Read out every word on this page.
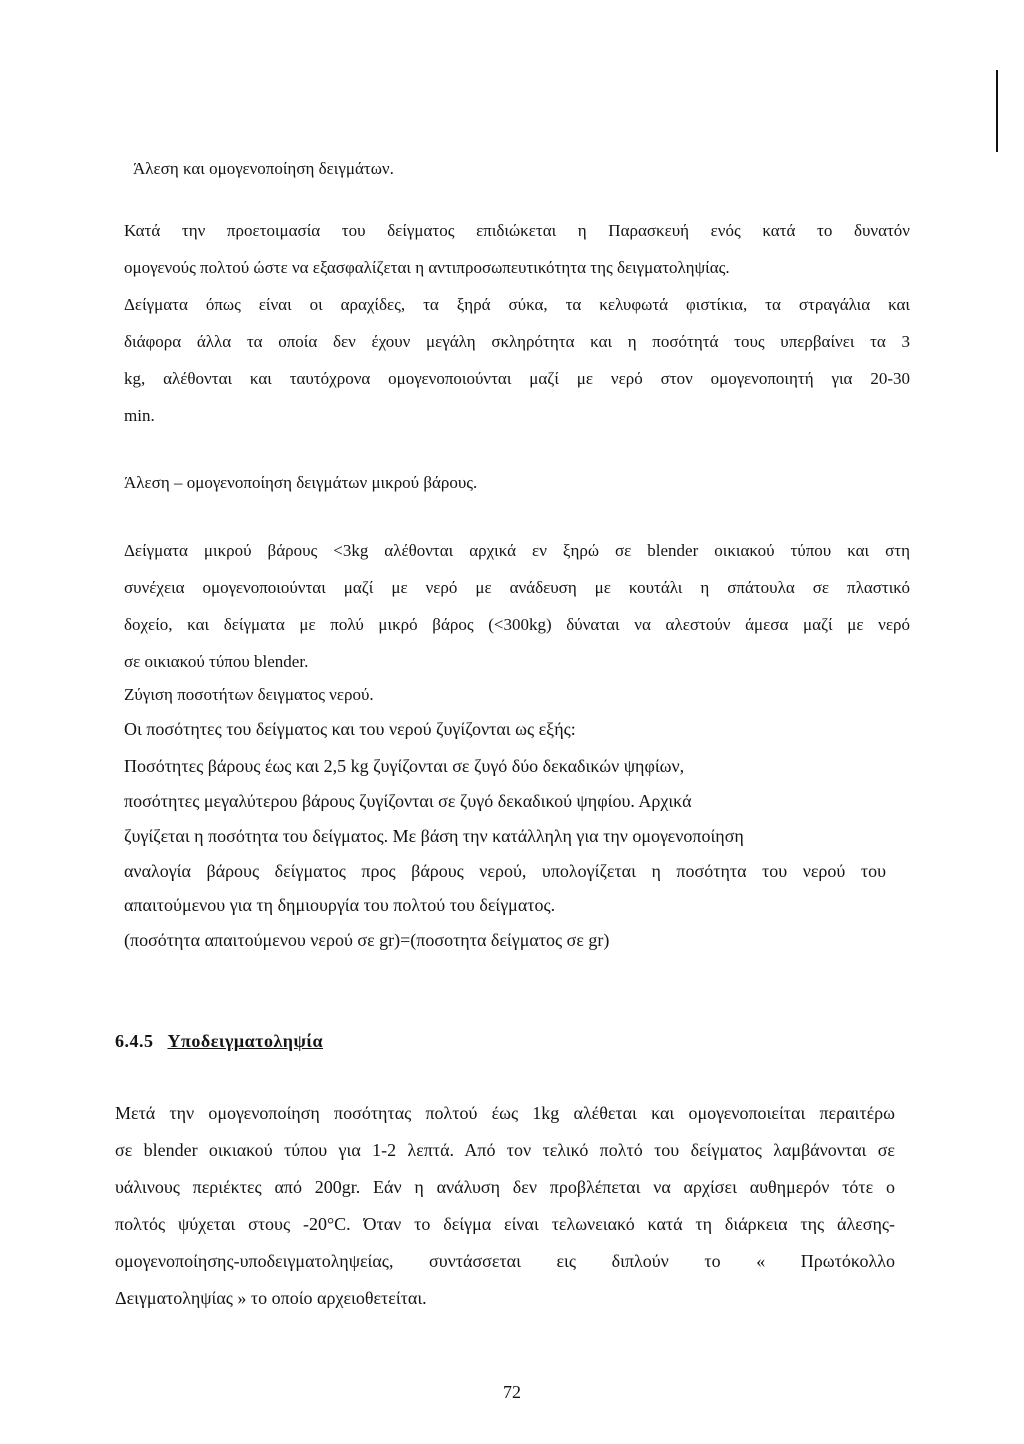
Άλεση και ομογενοποίηση δειγμάτων.
Κατά την προετοιμασία του δείγματος επιδιώκεται η Παρασκευή ενός κατά το δυνατόν
ομογενούς πολτού ώστε να εξασφαλίζεται η αντιπροσωπευτικότητα της δειγματοληψίας.
Δείγματα όπως είναι οι αραχίδες, τα ξηρά σύκα, τα κελυφωτά φιστίκια, τα στραγάλια και
διάφορα άλλα τα οποία δεν έχουν μεγάλη σκληρότητα και η ποσότητά τους υπερβαίνει τα 3
kg, αλέθονται και ταυτόχρονα ομογενοποιούνται μαζί με νερό στον ομογενοποιητή για 20-30
min.
Άλεση – ομογενοποίηση δειγμάτων μικρού βάρους.
Δείγματα μικρού βάρους <3kg αλέθονται αρχικά εν ξηρώ σε blender οικιακού τύπου και στη
συνέχεια ομογενοποιούνται μαζί με νερό με ανάδευση με κουτάλι η σπάτουλα σε πλαστικό
δοχείο, και δείγματα με πολύ μικρό βάρος (<300kg) δύναται να αλεστούν άμεσα μαζί με νερό
σε οικιακού τύπου blender.
Ζύγιση ποσοτήτων δειγματος νερού.
Οι ποσότητες του δείγματος και του νερού ζυγίζονται ως εξής:
Ποσότητες βάρους έως και 2,5 kg ζυγίζονται σε ζυγό δύο δεκαδικών ψηφίων,
ποσότητες μεγαλύτερου βάρους ζυγίζονται σε ζυγό δεκαδικού ψηφίου. Αρχικά
ζυγίζεται η ποσότητα του δείγματος. Με βάση την κατάλληλη για την ομογενοποίηση
αναλογία βάρους δείγματος προς βάρους νερού, υπολογίζεται η ποσότητα του νερού του
απαιτούμενου για τη δημιουργία του πολτού του δείγματος.
(ποσότητα απαιτούμενου νερού σε gr)=(ποσοτητα δείγματος σε gr)
6.4.5 Υποδειγματοληψία
Μετά την ομογενοποίηση ποσότητας πολτού έως 1kg αλέθεται και ομογενοποιείται περαιτέρω
σε blender οικιακού τύπου για 1-2 λεπτά. Από τον τελικό πολτό του δείγματος λαμβάνονται σε
υάλινους περιέκτες από 200gr. Εάν η ανάλυση δεν προβλέπεται να αρχίσει αυθημερόν τότε ο
πολτός ψύχεται στους -20°C. Όταν το δείγμα είναι τελωνειακό κατά τη διάρκεια της άλεσης-
ομογενοποίησης-υποδειγματοληψείας, συντάσσεται εις διπλούν το « Πρωτόκολλο
Δειγματοληψίας » το οποίο αρχειοθετείται.
72
